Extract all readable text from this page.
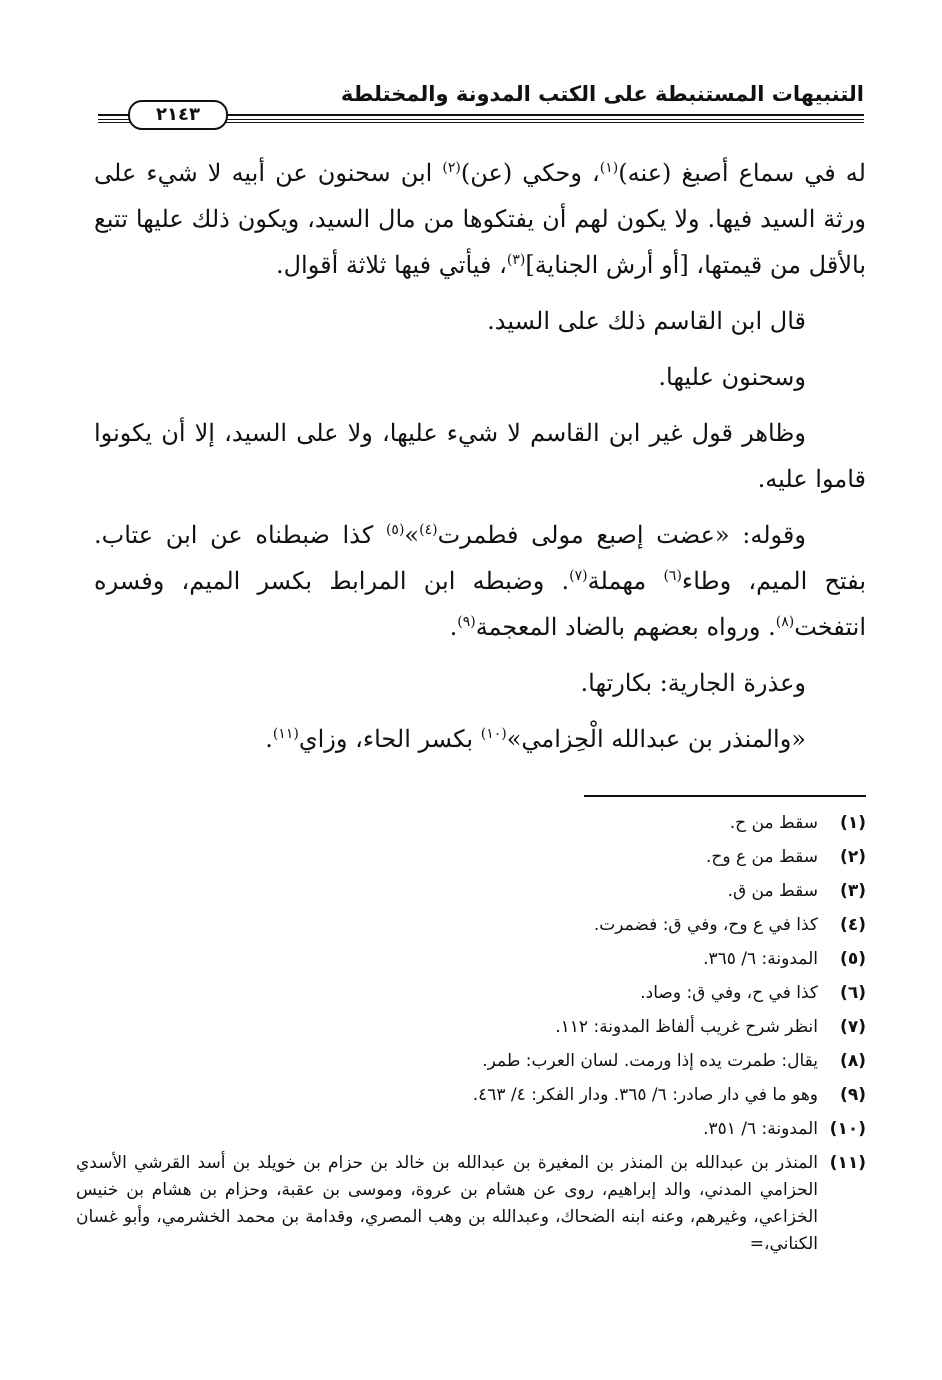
التنبيهات المستنبطة على الكتب المدونة والمختلطة
٢١٤٣

له في سماع أصبغ (عنه)$^{(١)}$، وحكي (عن)$^{(٢)}$ ابن سحنون عن أبيه لا شيء على ورثة السيد فيها. ولا يكون لهم أن يفتكوها من مال السيد، ويكون ذلك عليها تتبع بالأقل من قيمتها، [أو أرش الجناية]$^{(٣)}$، فيأتي فيها ثلاثة أقوال.

قال ابن القاسم ذلك على السيد.

وسحنون عليها.

وظاهر قول غير ابن القاسم لا شيء عليها، ولا على السيد، إلا أن يكونوا قاموا عليه.

وقوله: «عضت إصبع مولى فطمرت$^{(٤)}$»$^{(٥)}$ كذا ضبطناه عن ابن عتاب. بفتح الميم، وطاء$^{(٦)}$ مهملة$^{(٧)}$. وضبطه ابن المرابط بكسر الميم، وفسره انتفخت$^{(٨)}$. ورواه بعضهم بالضاد المعجمة$^{(٩)}$.

وعذرة الجارية: بكارتها.

«والمنذر بن عبدالله الْحِزامي»$^{(١٠)}$ بكسر الحاء، وزاي$^{(١١)}$.

(١)
سقط من ح.
(٢)
سقط من ع وح.
(٣)
سقط من ق.
(٤)
كذا في ع وح، وفي ق: فضمرت.
(٥)
المدونة: ٦/ ٣٦٥.
(٦)
كذا في ح، وفي ق: وصاد.
(٧)
انظر شرح غريب ألفاظ المدونة: ١١٢.
(٨)
يقال: طمرت يده إذا ورمت. لسان العرب: طمر.
(٩)
وهو ما في دار صادر: ٦/ ٣٦٥. ودار الفكر: ٤/ ٤٦٣.
(١٠)
المدونة: ٦/ ٣٥١.
(١١)
المنذر بن عبدالله بن المنذر بن المغيرة بن عبدالله بن خالد بن حزام بن خويلد بن أسد القرشي الأسدي الحزامي المدني، والد إبراهيم، روى عن هشام بن عروة، وموسى بن عقبة، وحزام بن هشام بن خنيس الخزاعي، وغيرهم، وعنه ابنه الضحاك، وعبدالله بن وهب المصري، وقدامة بن محمد الخشرمي، وأبو غسان الكناني،=
